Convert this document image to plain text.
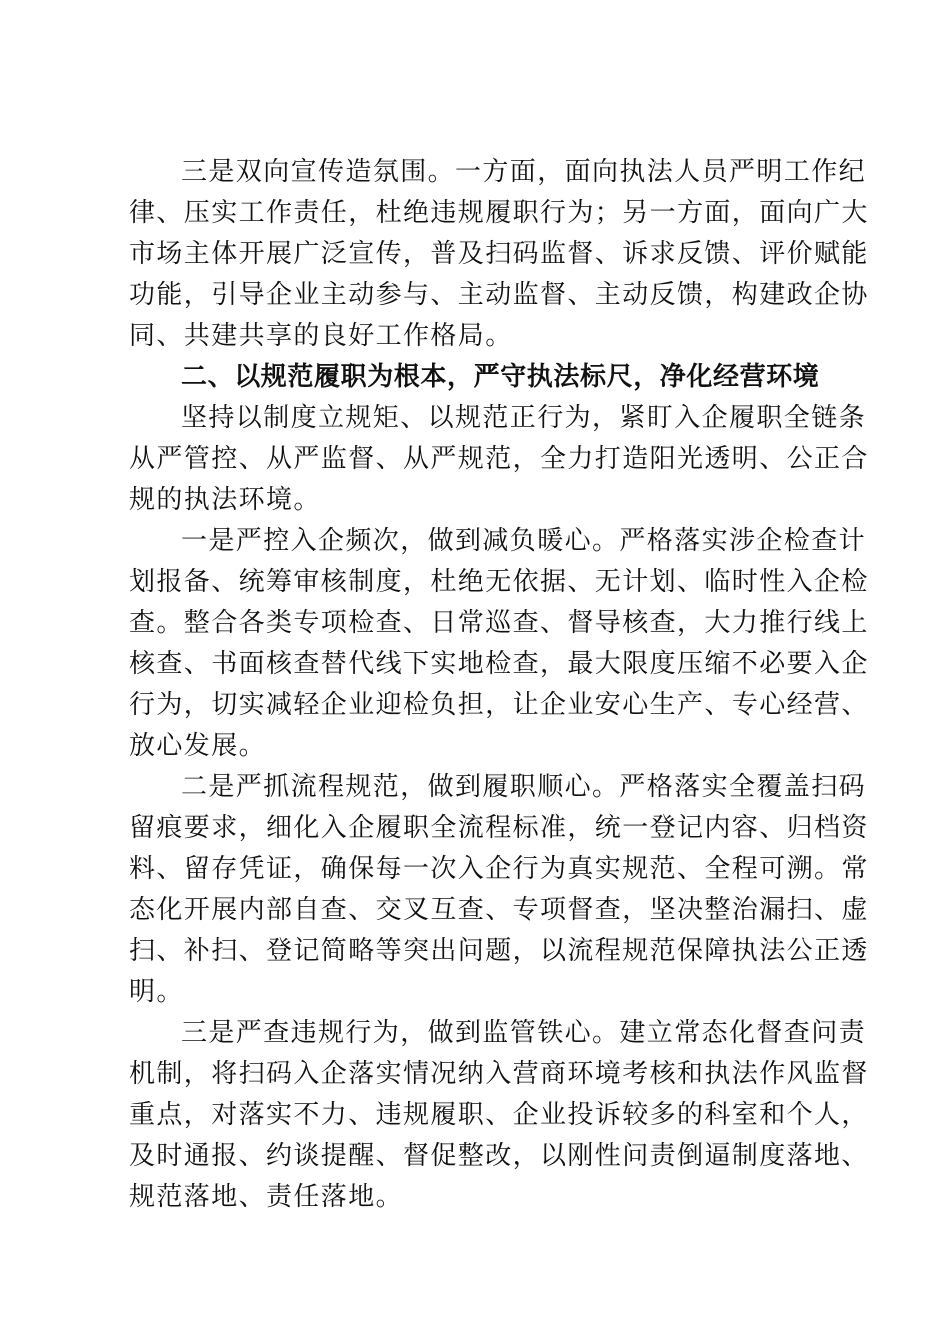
三是双向宣传造氛围。一方面，面向执法人员严明工作纪
律、压实工作责任，杜绝违规履职行为；另一方面，面向广大
市场主体开展广泛宣传，普及扫码监督、诉求反馈、评价赋能
功能，引导企业主动参与、主动监督、主动反馈，构建政企协
同、共建共享的良好工作格局。
二、以规范履职为根本，严守执法标尺，净化经营环境
坚持以制度立规矩、以规范正行为，紧盯入企履职全链条
从严管控、从严监督、从严规范，全力打造阳光透明、公正合
规的执法环境。
一是严控入企频次，做到减负暖心。严格落实涉企检查计
划报备、统筹审核制度，杜绝无依据、无计划、临时性入企检
查。整合各类专项检查、日常巡查、督导核查，大力推行线上
核查、书面核查替代线下实地检查，最大限度压缩不必要入企
行为，切实减轻企业迎检负担，让企业安心生产、专心经营、
放心发展。
二是严抓流程规范，做到履职顺心。严格落实全覆盖扫码
留痕要求，细化入企履职全流程标准，统一登记内容、归档资
料、留存凭证，确保每一次入企行为真实规范、全程可溯。常
态化开展内部自查、交叉互查、专项督查，坚决整治漏扫、虚
扫、补扫、登记简略等突出问题，以流程规范保障执法公正透
明。
三是严查违规行为，做到监管铁心。建立常态化督查问责
机制，将扫码入企落实情况纳入营商环境考核和执法作风监督
重点，对落实不力、违规履职、企业投诉较多的科室和个人，
及时通报、约谈提醒、督促整改，以刚性问责倒逼制度落地、
规范落地、责任落地。
